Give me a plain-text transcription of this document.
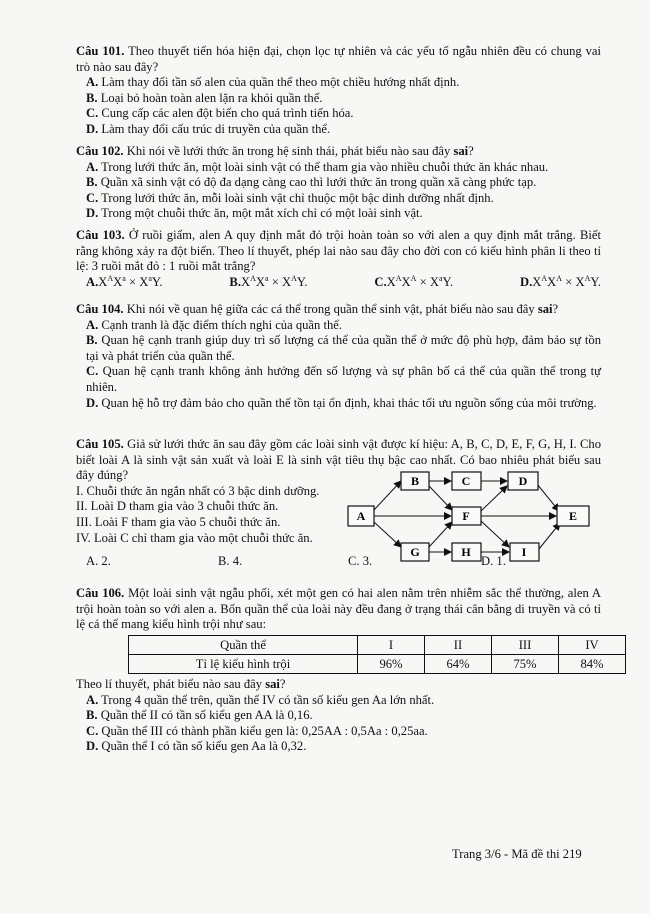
Câu 101. Theo thuyết tiến hóa hiện đại, chọn lọc tự nhiên và các yếu tố ngẫu nhiên đều có chung vai trò nào sau đây?

A. Làm thay đổi tần số alen của quần thể theo một chiều hướng nhất định.

B. Loại bỏ hoàn toàn alen lặn ra khỏi quần thể.

C. Cung cấp các alen đột biến cho quá trình tiến hóa.

D. Làm thay đổi cấu trúc di truyền của quần thể.

Câu 102. Khi nói về lưới thức ăn trong hệ sinh thái, phát biểu nào sau đây sai?

A. Trong lưới thức ăn, một loài sinh vật có thể tham gia vào nhiều chuỗi thức ăn khác nhau.

B. Quần xã sinh vật có độ đa dạng càng cao thì lưới thức ăn trong quần xã càng phức tạp.

C. Trong lưới thức ăn, mỗi loài sinh vật chỉ thuộc một bậc dinh dưỡng nhất định.

D. Trong một chuỗi thức ăn, một mắt xích chỉ có một loài sinh vật.

Câu 103. Ở ruồi giấm, alen A quy định mắt đỏ trội hoàn toàn so với alen a quy định mắt trắng. Biết rằng không xảy ra đột biến. Theo lí thuyết, phép lai nào sau đây cho đời con có kiểu hình phân li theo tỉ lệ: 3 ruồi mắt đỏ : 1 ruồi mắt trắng?

$A.X^AX^a \times X^aY$.	$B.X^AX^a \times X^AY$.	$C.X^AX^A \times X^aY$.	$D.X^AX^A \times X^AY$.

Câu 104. Khi nói về quan hệ giữa các cá thể trong quần thể sinh vật, phát biểu nào sau đây sai?

A. Cạnh tranh là đặc điểm thích nghi của quần thể.

B. Quan hệ cạnh tranh giúp duy trì số lượng cá thể của quần thể ở mức độ phù hợp, đảm bảo sự tồn tại và phát triển của quần thể.

C. Quan hệ cạnh tranh không ảnh hưởng đến số lượng và sự phân bố cá thể của quần thể trong tự nhiên.

D. Quan hệ hỗ trợ đảm bảo cho quần thể tồn tại ổn định, khai thác tối ưu nguồn sống của môi trường.

Câu 105. Giả sử lưới thức ăn sau đây gồm các loài sinh vật được kí hiệu: A, B, C, D, E, F, G, H, I. Cho biết loài A là sinh vật sản xuất và loài E là sinh vật tiêu thụ bậc cao nhất. Có bao nhiêu phát biểu sau đây đúng?

I. Chuỗi thức ăn ngắn nhất có 3 bậc dinh dưỡng.

II. Loài D tham gia vào 3 chuỗi thức ăn.

III. Loài F tham gia vào 5 chuỗi thức ăn.

IV. Loài C chỉ tham gia vào một chuỗi thức ăn.

A. 2.	B. 4.	C. 3.	D. 1.
A
B	C	D
E
F
G	H	I

Câu 106. Một loài sinh vật ngẫu phối, xét một gen có hai alen nằm trên nhiễm sắc thể thường, alen A trội hoàn toàn so với alen a. Bốn quần thể của loài này đều đang ở trạng thái cân bằng di truyền và có tỉ lệ cá thể mang kiểu hình trội như sau:

Quần thể	I	II	III	IV
Tỉ lệ kiểu hình trội	96%	64%	75%	84%

Theo lí thuyết, phát biểu nào sau đây sai?

A. Trong 4 quần thể trên, quần thể IV có tần số kiểu gen Aa lớn nhất.

B. Quần thể II có tần số kiểu gen AA là 0,16.

C. Quần thể III có thành phần kiểu gen là: 0,25AA : 0,5Aa : 0,25aa.

D. Quần thể I có tần số kiểu gen Aa là 0,32.

Trang 3/6 - Mã đề thi 219
